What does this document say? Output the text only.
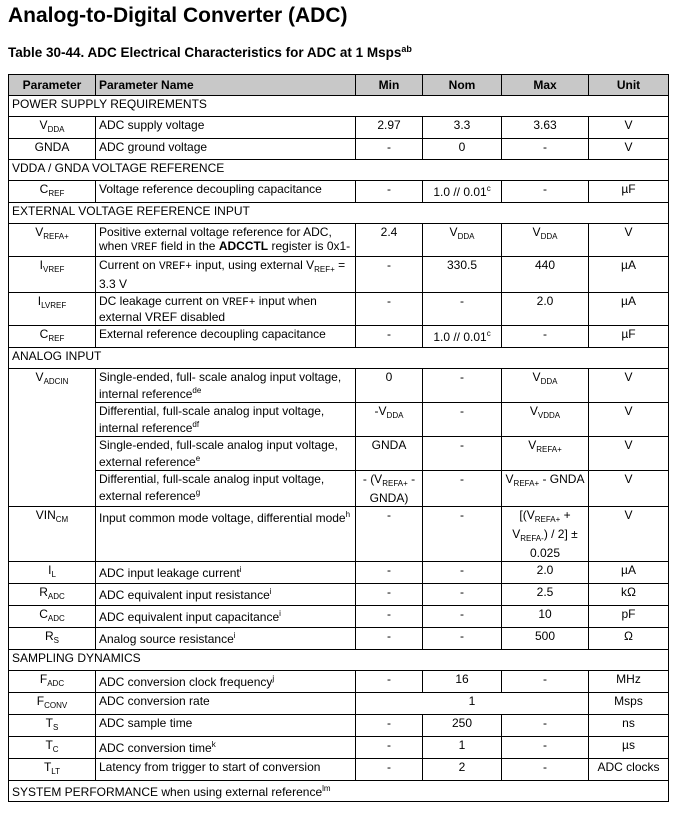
Analog-to-Digital Converter (ADC)

Table 30-44. ADC Electrical Characteristics for ADC at 1 Msps$^{ab}$

Parameter	Parameter Name	Min	Nom	Max	Unit
POWER SUPPLY REQUIREMENTS					
$V_{DDA}$	ADC supply voltage	2.97	3.3	3.63	V
GNDA	ADC ground voltage	-	0	-	V
VDDA / GNDA VOLTAGE REFERENCE					
$C_{REF}$	Voltage reference decoupling capacitance	-	1.0 // 0.01$^c$	-	µF
EXTERNAL VOLTAGE REFERENCE INPUT					
$V_{REFA+}$	Positive external voltage reference for ADC, when VREF field in the ADCCTL register is 0x1-	2.4	$V_{DDA}$	$V_{DDA}$	V
$I_{VREF}$	Current on VREF+ input, using external $V_{REF+} = 3.3$ V	-	330.5	440	µA
$I_{LVREF}$	DC leakage current on VREF+ input when external VREF disabled	-	-	2.0	µA
$C_{REF}$	External reference decoupling capacitance	-	1.0 // 0.01$^c$	-	µF
ANALOG INPUT					
$V_{ADCIN}$	Single-ended, full- scale analog input voltage, internal reference$^{de}$	0	-	$V_{DDA}$	V
	Differential, full-scale analog input voltage, internal reference$^{df}$	$-V_{DDA}$	-	$V_{VDDA}$	V
	Single-ended, full-scale analog input voltage, external reference$^e$	GNDA	-	$V_{REFA+}$	V
	Differential, full-scale analog input voltage, external reference$^g$	- ($V_{REFA+}$ - GNDA)	-	$V_{REFA+}$ - GNDA	V
$VIN_{CM}$	Input common mode voltage, differential mode$^h$	-	-	$[(V_{REFA+} + V_{REFA-}) / 2] \pm 0.025$	V
$I_L$	ADC input leakage current$^i$	-	-	2.0	µA
$R_{ADC}$	ADC equivalent input resistance$^i$	-	-	2.5	kΩ
$C_{ADC}$	ADC equivalent input capacitance$^i$	-	-	10	pF
$R_S$	Analog source resistance$^i$	-	-	500	Ω
SAMPLING DYNAMICS					
$F_{ADC}$	ADC conversion clock frequency$^j$	-	16	-	MHz
$F_{CONV}$	ADC conversion rate	1			Msps
$T_S$	ADC sample time	-	250	-	ns
$T_C$	ADC conversion time$^k$	-	1	-	µs
$T_{LT}$	Latency from trigger to start of conversion	-	2	-	ADC clocks
SYSTEM PERFORMANCE when using external reference$^{lm}$
